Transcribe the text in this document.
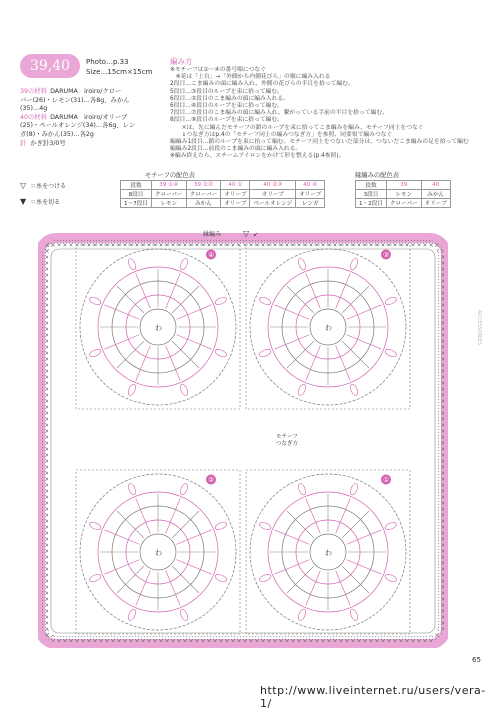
39,40	Photo…p.33
Size…15cm×15cm
39の材料  DARUMA　iroiro/クロー
バー(26)・レモン(31)…各8g、みかん
(35)…4g
40の材料  DARUMA　iroiro/オリーブ
(25)・ペールオレンジ(34)…各6g、レン
ガ(8)・みかん(35)…各2g
針 かぎ針3/0号
編み方
※モチーフは①〜④の番号順につなぐ
　※花は「土台」→「外側から内側花びら」の順に編み入れる
2段目…こま編みの頭に編み入れ、外側の花びらの半目を拾って編む。
5段目…③段目のループを束に拾って編む。
6段目…⑤段目のこま編みの頭に編み入れる。
6段目…⑥段目のループを束に拾って編む。
7段目…⑦段目のこま編みの頭に編み入れ、繋がっている手前の半目を拾って編む。
8段目…⑧段目のループを束に拾って編む。
　　×は、先に編んだモチーフの鎖のループを束に拾ってこま編みを編み、モチーフ同士をつなぐ
　　↓つなぎ方はp.4の「モチーフ同士の編みつなぎ方」を参照、同要領で編みつなぐ
編編み1段目…鎖のループを束に拾って編む。モチーフ同士をつないだ部分は、つないだこま編みの足を拾って編む
編編み2段目…前段のこま編みの頭に編み入れる。
※編み終えたら、スチームアイロンをかけて形を整える(p.4参照)。
▽ ＝糸をつける
▼ ＝糸を切る
モチーフの配色表
段数	39 ①④	39 ②③	40 ①	40 ②③	40 ④
8段目	クローバー	クローバー	オリーブ	オリーブ	オリーブ
1〜7段目	レモン	みかん	オリーブ	ペールオレンジ	レンガ
縁編みの配色表
段数	39	40
3段目	レモン	みかん
1・2段目	クローバー	オリーブ
わ
④
わ
③
わ
②
わ
①
縁編み	▽ ↙
モチーフ
つなぎ方
ACCESSORIES
65
http://www.liveinternet.ru/users/vera-1/
